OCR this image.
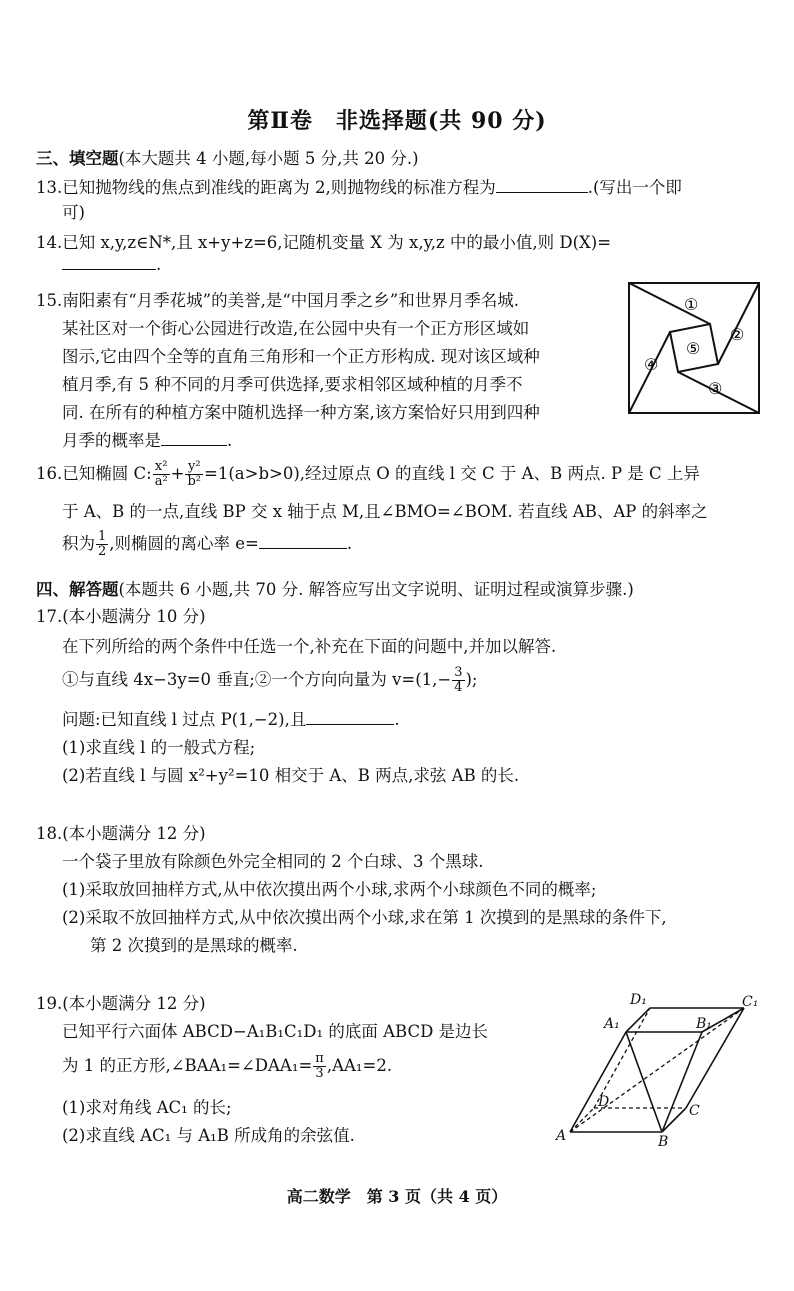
第Ⅱ卷　非选择题(共 90 分)
三、填空题(本大题共 4 小题,每小题 5 分,共 20 分.)
13.已知抛物线的焦点到准线的距离为 2,则抛物线的标准方程为	.(写出一个即
可)
14.已知 x,y,z∈N*,且 x+y+z=6,记随机变量 X 为 x,y,z 中的最小值,则 D(X)=
.
15.南阳素有“月季花城”的美誉,是“中国月季之乡”和世界月季名城.
某社区对一个街心公园进行改造,在公园中央有一个正方形区域如
图示,它由四个全等的直角三角形和一个正方形构成. 现对该区域种
植月季,有 5 种不同的月季可供选择,要求相邻区域种植的月季不
同. 在所有的种植方案中随机选择一种方案,该方案恰好只用到四种
月季的概率是	.
①
②
③
④
⑤
16.已知椭圆 C: $\frac{\text{x²}}{\text{a²}} + \frac{\text{y²}}{\text{b²}} =1(a>b>0)$,经过原点 O 的直线 l 交 C 于 A、B 两点. P 是 C 上异
于 A、B 的一点,直线 BP 交 x 轴于点 M,且∠BMO=∠BOM. 若直线 AB、AP 的斜率之
积为 $\frac{1}{2}$ ,则椭圆的离心率 e=	.
四、解答题(本题共 6 小题,共 70 分. 解答应写出文字说明、证明过程或演算步骤.)
17.(本小题满分 10 分)
在下列所给的两个条件中任选一个,补充在下面的问题中,并加以解答.
①与直线 4x−3y=0 垂直;②一个方向向量为 $v=(1,- \frac{3}{4}$ );
问题:已知直线 l 过点 P(1,−2),且	.
(1)求直线 l 的一般式方程;
(2)若直线 l 与圆 x²+y²=10 相交于 A、B 两点,求弦 AB 的长.
18.(本小题满分 12 分)
一个袋子里放有除颜色外完全相同的 2 个白球、3 个黑球.
(1)采取放回抽样方式,从中依次摸出两个小球,求两个小球颜色不同的概率;
(2)采取不放回抽样方式,从中依次摸出两个小球,求在第 1 次摸到的是黑球的条件下,
第 2 次摸到的是黑球的概率.
19.(本小题满分 12 分)
已知平行六面体 ABCD−A₁B₁C₁D₁ 的底面 ABCD 是边长
为 1 的正方形,∠BAA₁=∠DAA₁= $\frac{\pi}{3} ,AA_1=2$.
(1)求对角线 AC₁ 的长;
(2)求直线 AC₁ 与 A₁B 所成角的余弦值.	A	B
C
D
A₁	B₁
C₁
D₁
高二数学　第 3 页（共 4 页）
